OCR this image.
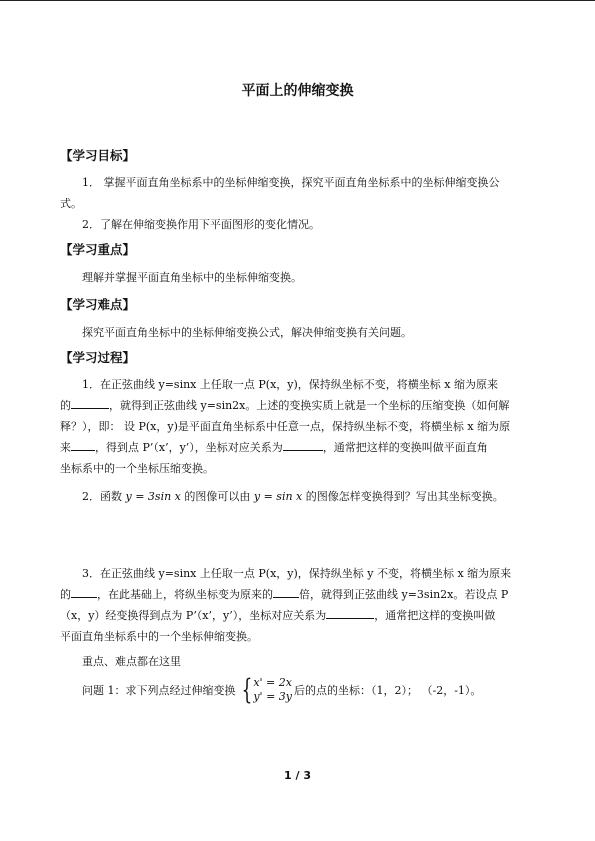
平面上的伸缩变换
【学习目标】
1． 掌握平面直角坐标系中的坐标伸缩变换，探究平面直角坐标系中的坐标伸缩变换公
式。
2．了解在伸缩变换作用下平面图形的变化情况。
【学习重点】
理解并掌握平面直角坐标中的坐标伸缩变换。
【学习难点】
探究平面直角坐标中的坐标伸缩变换公式，解决伸缩变换有关问题。
【学习过程】
1．在正弦曲线 y=sinx 上任取一点 P(x，y)，保持纵坐标不变，将横坐标 x 缩为原来
的	，就得到正弦曲线 y=sin2x。上述的变换实质上就是一个坐标的压缩变换（如何解
释？），即： 设 P(x，y)是平面直角坐标系中任意一点，保持纵坐标不变，将横坐标 x 缩为原
来 ，得到点 P’（x’，y’），坐标对应关系为	，通常把这样的变换叫做平面直角
坐标系中的一个坐标压缩变换。
2．函数 y = 3sin x 的图像可以由 y = sin x 的图像怎样变换得到？写出其坐标变换。
3．在正弦曲线 y=sinx 上任取一点 P(x，y)，保持纵坐标 y 不变，将横坐标 x 缩为原来
的 ，在此基础上，将纵坐标变为原来的 倍，就得到正弦曲线 y=3sin2x。若设点 P
（x，y）经变换得到点为 P’（x’，y’），坐标对应关系为	，通常把这样的变换叫做
平面直角坐标系中的一个坐标伸缩变换。
重点、难点都在这里
问题 1：求下列点经过伸缩变换 { x' = 2x
y' = 3y 后的点的坐标：（1，2）； （-2，-1）。
1 / 3
